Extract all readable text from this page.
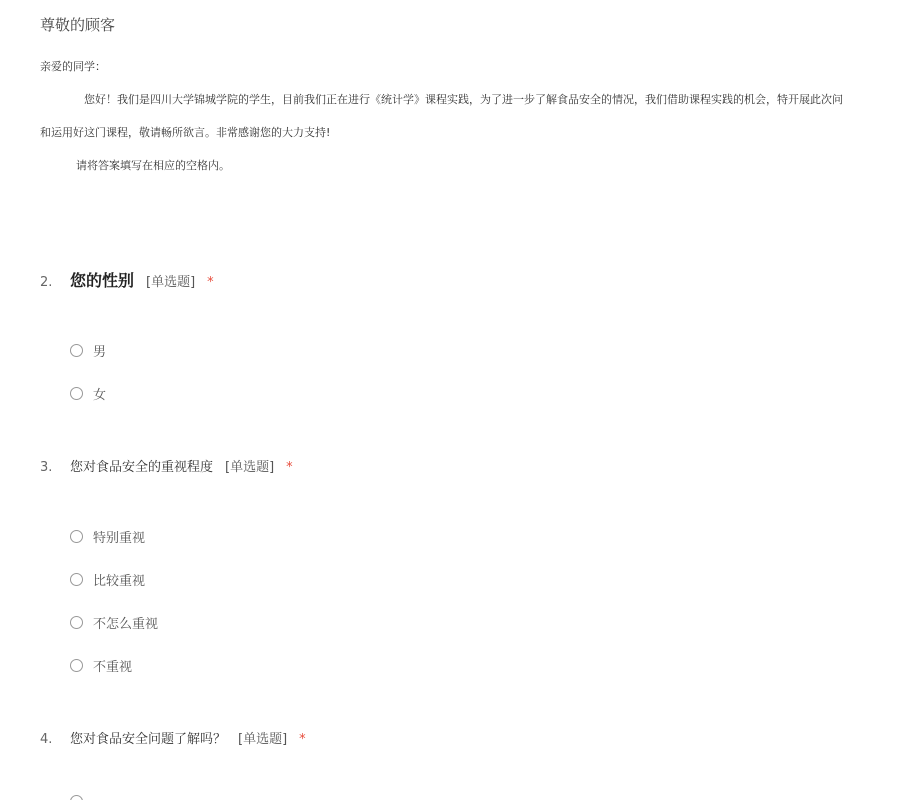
尊敬的顾客
亲爱的同学：
您好！我们是四川大学锦城学院的学生，目前我们正在进行《统计学》课程实践，为了进一步了解食品安全的情况，我们借助课程实践的机会，特开展此次问
和运用好这门课程，敬请畅所欲言。非常感谢您的大力支持!
请将答案填写在相应的空格内。
2. 您的性别 [单选题] *
男
女
3. 您对食品安全的重视程度 [单选题] *
特别重视
比较重视
不怎么重视
不重视
4. 您对食品安全问题了解吗？ [单选题] *
